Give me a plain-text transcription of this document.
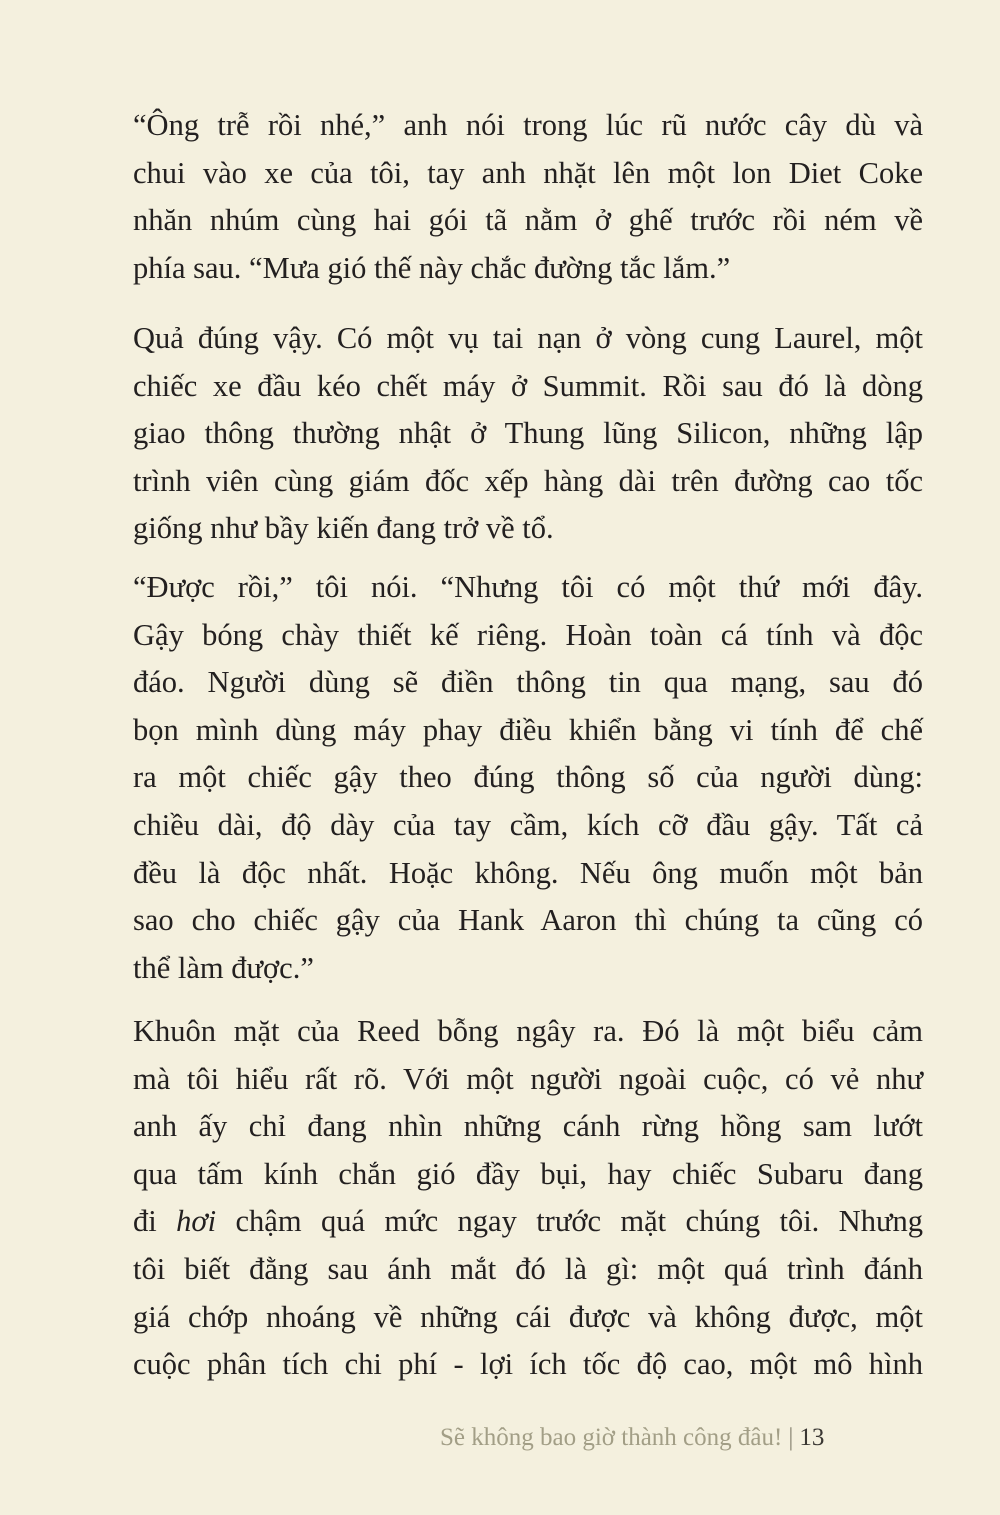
“Ông trễ rồi nhé,” anh nói trong lúc rũ nước cây dù và
chui vào xe của tôi, tay anh nhặt lên một lon Diet Coke
nhăn nhúm cùng hai gói tã nằm ở ghế trước rồi ném về
phía sau. “Mưa gió thế này chắc đường tắc lắm.”

Quả đúng vậy. Có một vụ tai nạn ở vòng cung Laurel, một
chiếc xe đầu kéo chết máy ở Summit. Rồi sau đó là dòng
giao thông thường nhật ở Thung lũng Silicon, những lập
trình viên cùng giám đốc xếp hàng dài trên đường cao tốc
giống như bầy kiến đang trở về tổ.

“Được rồi,” tôi nói. “Nhưng tôi có một thứ mới đây.
Gậy bóng chày thiết kế riêng. Hoàn toàn cá tính và độc
đáo. Người dùng sẽ điền thông tin qua mạng, sau đó
bọn mình dùng máy phay điều khiển bằng vi tính để chế
ra một chiếc gậy theo đúng thông số của người dùng:
chiều dài, độ dày của tay cầm, kích cỡ đầu gậy. Tất cả
đều là độc nhất. Hoặc không. Nếu ông muốn một bản
sao cho chiếc gậy của Hank Aaron thì chúng ta cũng có
thể làm được.”

Khuôn mặt của Reed bỗng ngây ra. Đó là một biểu cảm
mà tôi hiểu rất rõ. Với một người ngoài cuộc, có vẻ như
anh ấy chỉ đang nhìn những cánh rừng hồng sam lướt
qua tấm kính chắn gió đầy bụi, hay chiếc Subaru đang
đi hơi chậm quá mức ngay trước mặt chúng tôi. Nhưng
tôi biết đằng sau ánh mắt đó là gì: một quá trình đánh
giá chớp nhoáng về những cái được và không được, một
cuộc phân tích chi phí - lợi ích tốc độ cao, một mô hình

Sẽ không bao giờ thành công đâu! | 13
